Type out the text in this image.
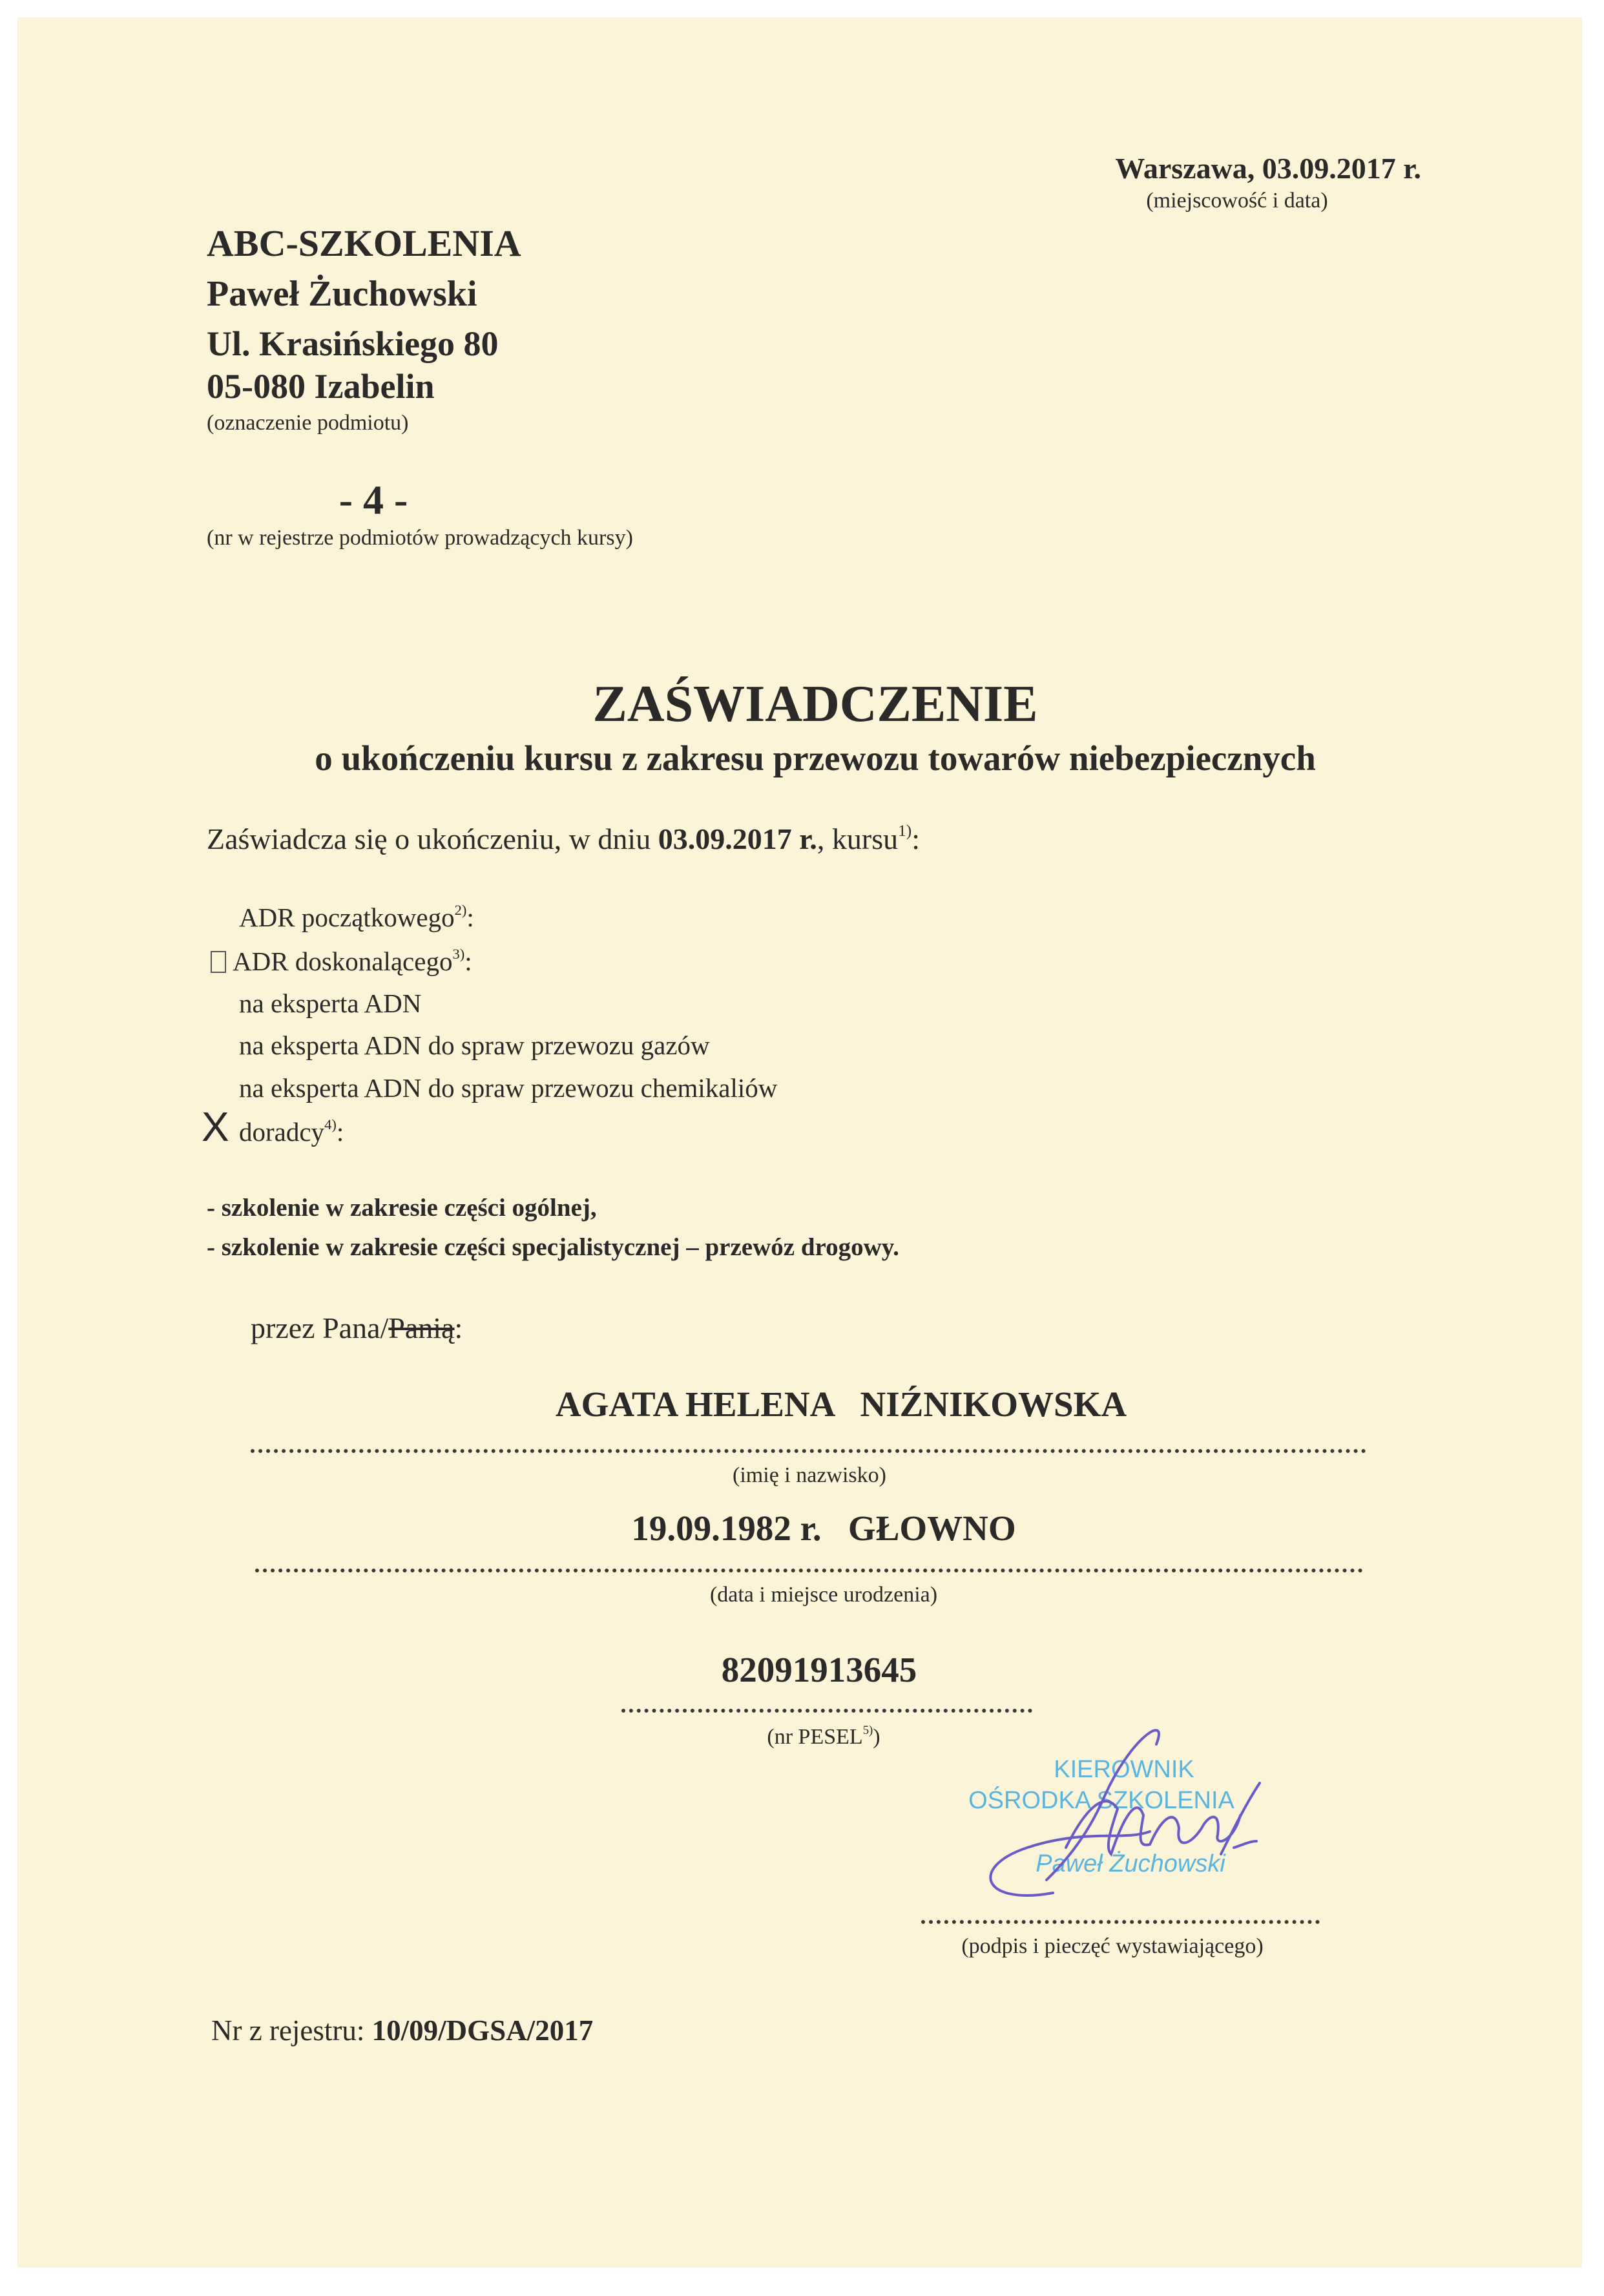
Warszawa, 03.09.2017 r.
(miejscowość i data)
ABC-SZKOLENIA
Paweł Żuchowski
Ul. Krasińskiego 80
05-080 Izabelin
(oznaczenie podmiotu)
- 4 -
(nr w rejestrze podmiotów prowadzących kursy)
ZAŚWIADCZENIE
o ukończeniu kursu z zakresu przewozu towarów niebezpiecznych
Zaświadcza się o ukończeniu, w dniu 03.09.2017 r., kursu$^{1)}$:
ADR początkowego$^{2)}$:
ADR doskonalącego$^{3)}$:
na eksperta ADN
na eksperta ADN do spraw przewozu gazów
na eksperta ADN do spraw przewozu chemikaliów
X doradcy$^{4)}$:
- szkolenie w zakresie części ogólnej,
- szkolenie w zakresie części specjalistycznej – przewóz drogowy.
przez Pana/Panią:
AGATA HELENA   NIŹNIKOWSKA
(imię i nazwisko)
19.09.1982 r.   GŁOWNO
(data i miejsce urodzenia)
82091913645
(nr PESEL$^{5)}$)
KIEROWNIK
OŚRODKA SZKOLENIA
Paweł Żuchowski
(podpis i pieczęć wystawiającego)
Nr z rejestru: 10/09/DGSA/2017
